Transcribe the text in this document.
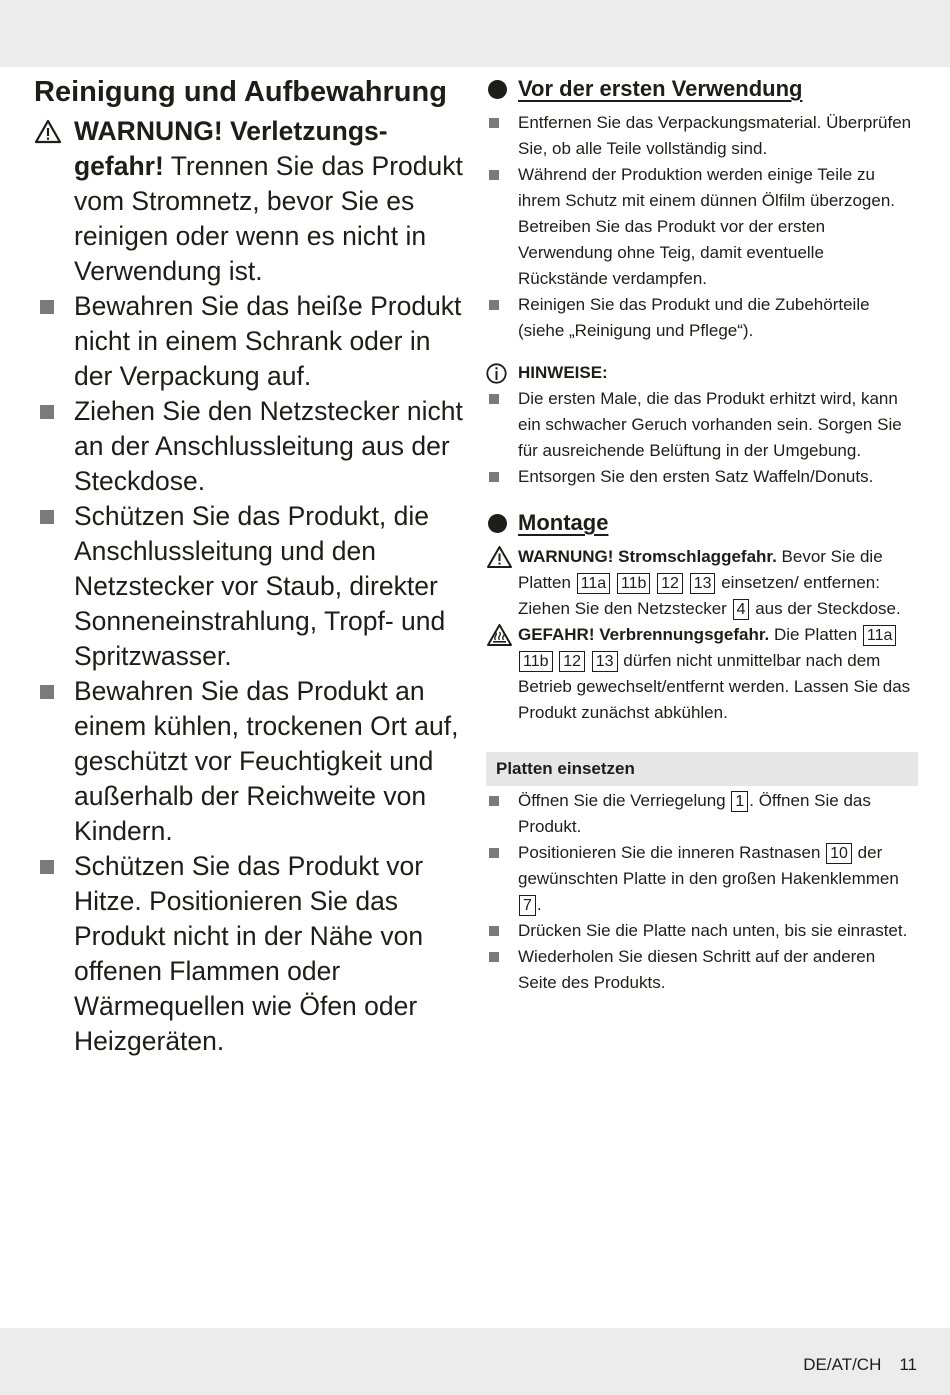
Reinigung und Aufbewahrung
WARNUNG! Verletzungs-gefahr! Trennen Sie das Produkt vom Stromnetz, bevor Sie es reinigen oder wenn es nicht in Verwendung ist.
Bewahren Sie das heiße Produkt nicht in einem Schrank oder in der Verpackung auf.
Ziehen Sie den Netzstecker nicht an der Anschlussleitung aus der Steckdose.
Schützen Sie das Produkt, die Anschlussleitung und den Netzstecker vor Staub, direkter Sonneneinstrahlung, Tropf- und Spritzwasser.
Bewahren Sie das Produkt an einem kühlen, trockenen Ort auf, geschützt vor Feuchtigkeit und außerhalb der Reichweite von Kindern.
Schützen Sie das Produkt vor Hitze. Positionieren Sie das Produkt nicht in der Nähe von offenen Flammen oder Wärmequellen wie Öfen oder Heizgeräten.
Vor der ersten Verwendung
Entfernen Sie das Verpackungsmaterial. Überprüfen Sie, ob alle Teile vollständig sind.
Während der Produktion werden einige Teile zu ihrem Schutz mit einem dünnen Ölfilm überzogen. Betreiben Sie das Produkt vor der ersten Verwendung ohne Teig, damit eventuelle Rückstände verdampfen.
Reinigen Sie das Produkt und die Zubehörteile (siehe „Reinigung und Pflege“).
HINWEISE:
Die ersten Male, die das Produkt erhitzt wird, kann ein schwacher Geruch vorhanden sein. Sorgen Sie für ausreichende Belüftung in der Umgebung.
Entsorgen Sie den ersten Satz Waffeln/Donuts.
Montage
WARNUNG! Stromschlaggefahr. Bevor Sie die Platten 11a 11b 12 13 einsetzen/ entfernen: Ziehen Sie den Netzstecker 4 aus der Steckdose.
GEFAHR! Verbrennungsgefahr. Die Platten 11a 11b 12 13 dürfen nicht unmittelbar nach dem Betrieb gewechselt/entfernt werden. Lassen Sie das Produkt zunächst abkühlen.
Platten einsetzen
Öffnen Sie die Verriegelung 1 . Öffnen Sie das Produkt.
Positionieren Sie die inneren Rastnasen 10 der gewünschten Platte in den großen Hakenklemmen 7 .
Drücken Sie die Platte nach unten, bis sie einrastet.
Wiederholen Sie diesen Schritt auf der anderen Seite des Produkts.
DE/AT/CH 11
